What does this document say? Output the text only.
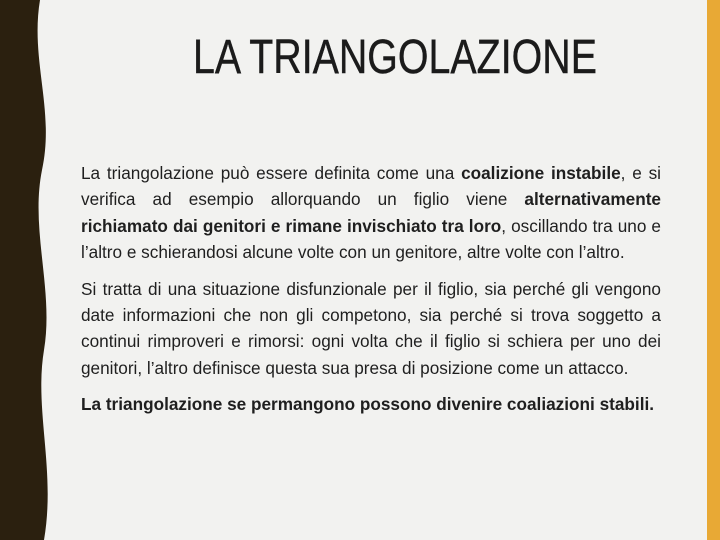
LA TRIANGOLAZIONE

La triangolazione può essere definita come una coalizione instabile, e si verifica ad esempio allorquando un figlio viene alternativamente richiamato dai genitori e rimane invischiato tra loro, oscillando tra uno e l’altro e schierandosi alcune volte con un genitore, altre volte con l’altro.

Si tratta di una situazione disfunzionale per il figlio, sia perché gli vengono date informazioni che non gli competono, sia perché si trova soggetto a continui rimproveri e rimorsi: ogni volta che il figlio si schiera per uno dei genitori, l’altro definisce questa sua presa di posizione come un attacco.

La triangolazione se permangono possono divenire coaliazioni stabili.
